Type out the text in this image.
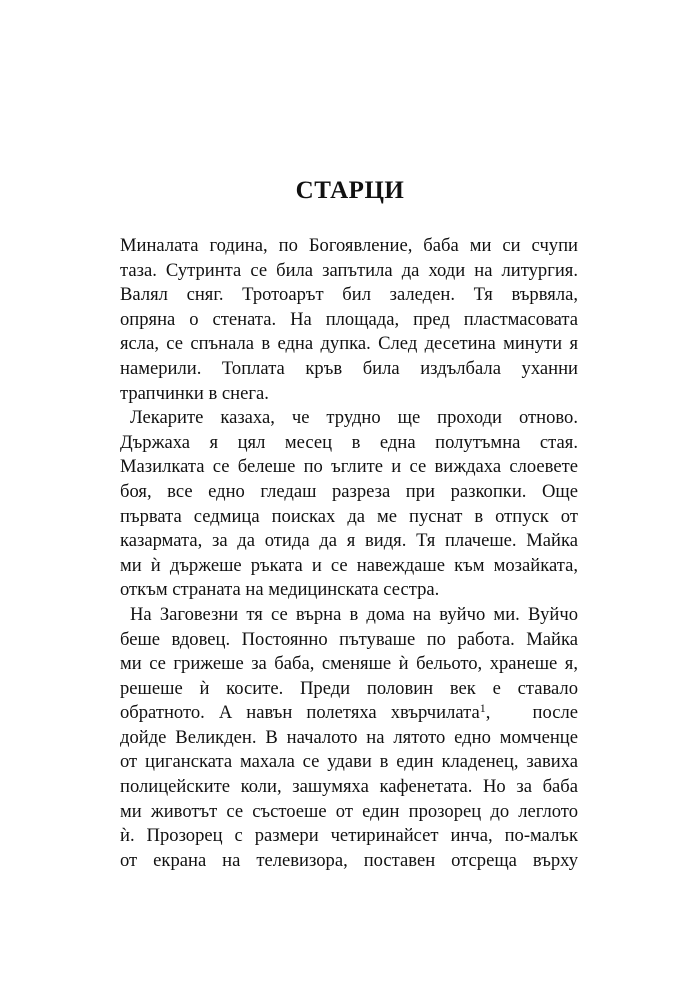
СТАРЦИ
Миналата година, по Богоявление, баба ми си счупи
таза. Сутринта се била запътила да ходи на литургия.
Валял сняг. Тротоарът бил заледен. Тя вървяла,
опряна о стената. На площада, пред пластмасовата
ясла, се спънала в една дупка. След десетина минути я
намерили. Топлата кръв била издълбала уханни
трапчинки в снега.
Лекарите казаха, че трудно ще проходи отново.
Държаха я цял месец в една полутъмна стая.
Мазилката се белеше по ъглите и се виждаха слоевете
боя, все едно гледаш разреза при разкопки. Още
първата седмица поисках да ме пуснат в отпуск от
казармата, за да отида да я видя. Тя плачеше. Майка
ми ѝ държеше ръката и се навеждаше към мозайката,
откъм страната на медицинската сестра.
На Заговезни тя се върна в дома на вуйчо ми. Вуйчо
беше вдовец. Постоянно пътуваше по работа. Майка
ми се грижеше за баба, сменяше ѝ бельото, хранеше я,
решеше ѝ косите. Преди половин век е ставало
обратното. А навън полетяха хвърчилата$^1$,   после
дойде Великден. В началото на лятото едно момченце
от циганската махала се удави в един кладенец, завиха
полицейските коли, зашумяха кафенетата. Но за баба
ми животът се състоеше от един прозорец до леглото
ѝ. Прозорец с размери четиринайсет инча, по-малък
от екрана на телевизора, поставен отсреща върху
